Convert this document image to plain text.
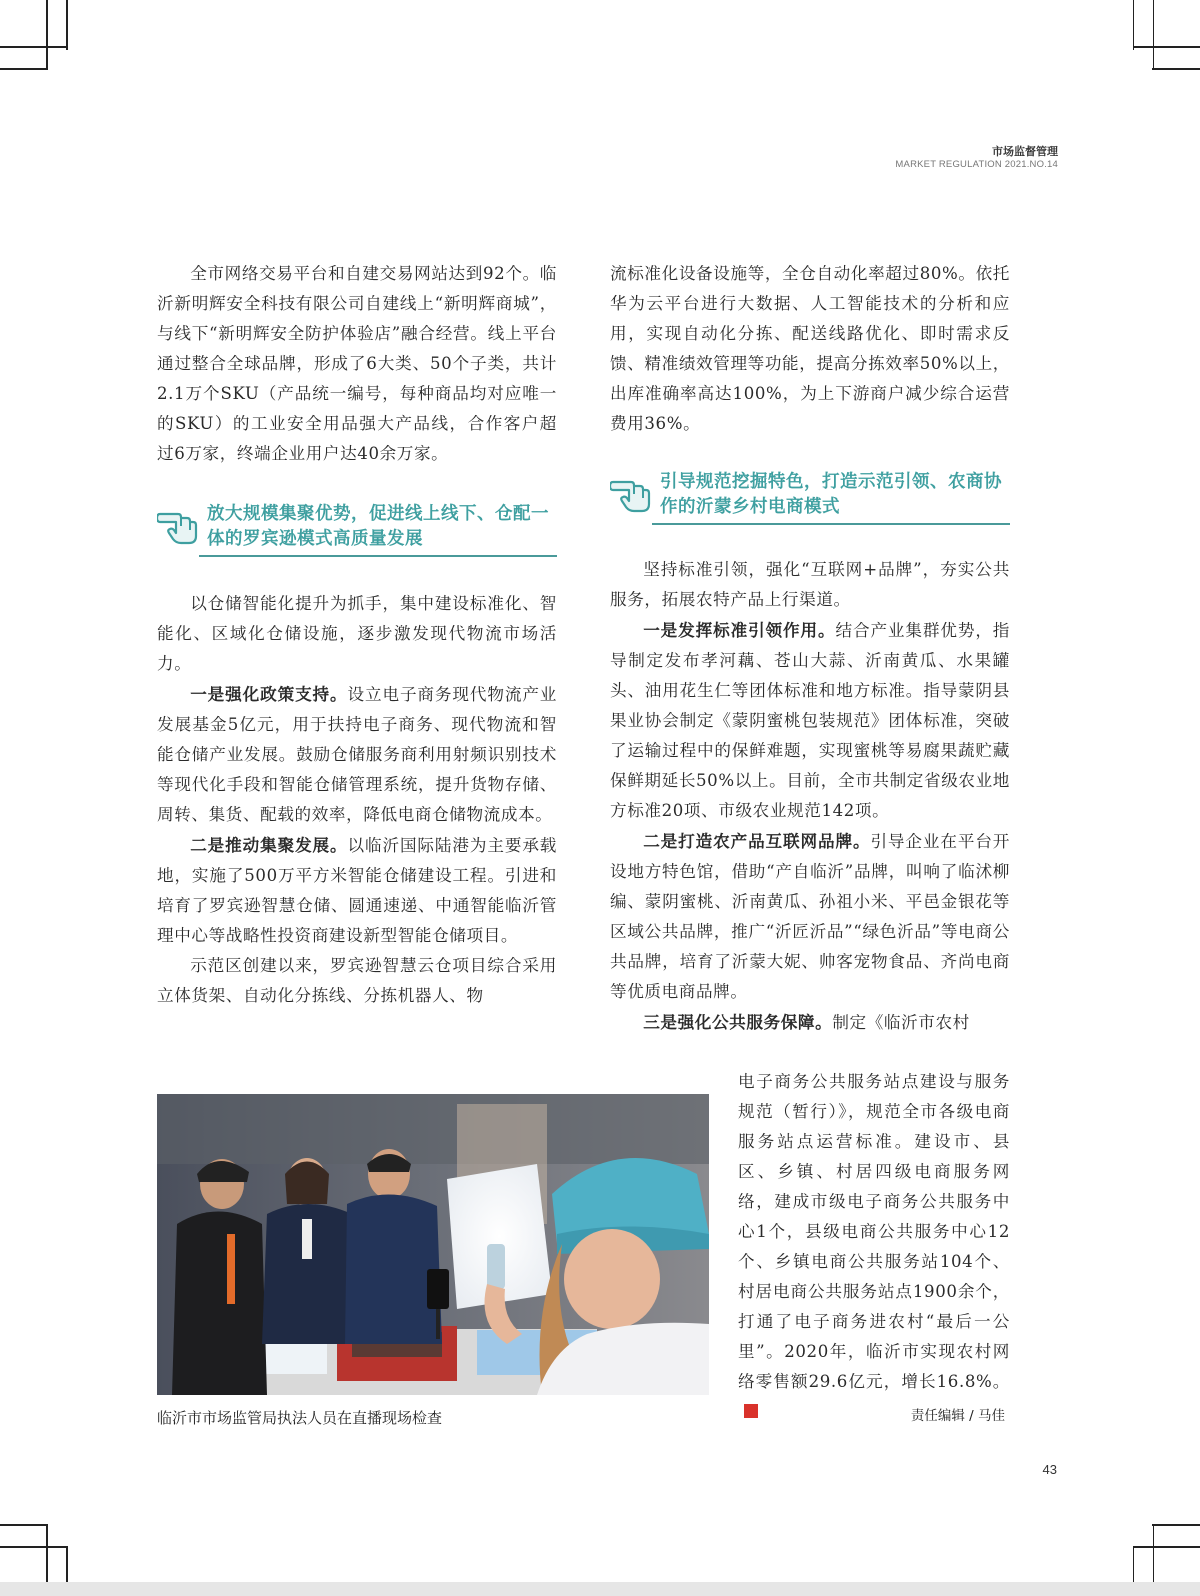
市场监督管理
MARKET REGULATION 2021.NO.14

全市网络交易平台和自建交易网站达到92个。临沂新明辉安全科技有限公司自建线上“新明辉商城”，与线下“新明辉安全防护体验店”融合经营。线上平台通过整合全球品牌，形成了6大类、50个子类，共计2.1万个SKU（产品统一编号，每种商品均对应唯一的SKU）的工业安全用品强大产品线，合作客户超过6万家，终端企业用户达40余万家。

放大规模集聚优势，促进线上线下、仓配一体的罗宾逊模式高质量发展

以仓储智能化提升为抓手，集中建设标准化、智能化、区域化仓储设施，逐步激发现代物流市场活力。

一是强化政策支持。设立电子商务现代物流产业发展基金5亿元，用于扶持电子商务、现代物流和智能仓储产业发展。鼓励仓储服务商利用射频识别技术等现代化手段和智能仓储管理系统，提升货物存储、周转、集货、配载的效率，降低电商仓储物流成本。

二是推动集聚发展。以临沂国际陆港为主要承载地，实施了500万平方米智能仓储建设工程。引进和培育了罗宾逊智慧仓储、圆通速递、中通智能临沂管理中心等战略性投资商建设新型智能仓储项目。

示范区创建以来，罗宾逊智慧云仓项目综合采用立体货架、自动化分拣线、分拣机器人、物

流标准化设备设施等，全仓自动化率超过80%。依托华为云平台进行大数据、人工智能技术的分析和应用，实现自动化分拣、配送线路优化、即时需求反馈、精准绩效管理等功能，提高分拣效率50%以上，出库准确率高达100%，为上下游商户减少综合运营费用36%。

引导规范挖掘特色，打造示范引领、农商协作的沂蒙乡村电商模式

坚持标准引领，强化“互联网+品牌”，夯实公共服务，拓展农特产品上行渠道。

一是发挥标准引领作用。结合产业集群优势，指导制定发布孝河藕、苍山大蒜、沂南黄瓜、水果罐头、油用花生仁等团体标准和地方标准。指导蒙阴县果业协会制定《蒙阴蜜桃包装规范》团体标准，突破了运输过程中的保鲜难题，实现蜜桃等易腐果蔬贮藏保鲜期延长50%以上。目前，全市共制定省级农业地方标准20项、市级农业规范142项。

二是打造农产品互联网品牌。引导企业在平台开设地方特色馆，借助“产自临沂”品牌，叫响了临沭柳编、蒙阴蜜桃、沂南黄瓜、孙祖小米、平邑金银花等区域公共品牌，推广“沂匠沂品”“绿色沂品”等电商公共品牌，培育了沂蒙大妮、帅客宠物食品、齐尚电商等优质电商品牌。

三是强化公共服务保障。制定《临沂市农村

电子商务公共服务站点建设与服务规范（暂行）》，规范全市各级电商服务站点运营标准。建设市、县区、乡镇、村居四级电商服务网络，建成市级电子商务公共服务中心1个，县级电商公共服务中心12个、乡镇电商公共服务站104个、村居电商公共服务站点1900余个，打通了电子商务进农村“最后一公里”。2020年，临沂市实现农村网络零售额29.6亿元，增长16.8%。

临沂市市场监管局执法人员在直播现场检查	责任编辑 / 马佳
43
